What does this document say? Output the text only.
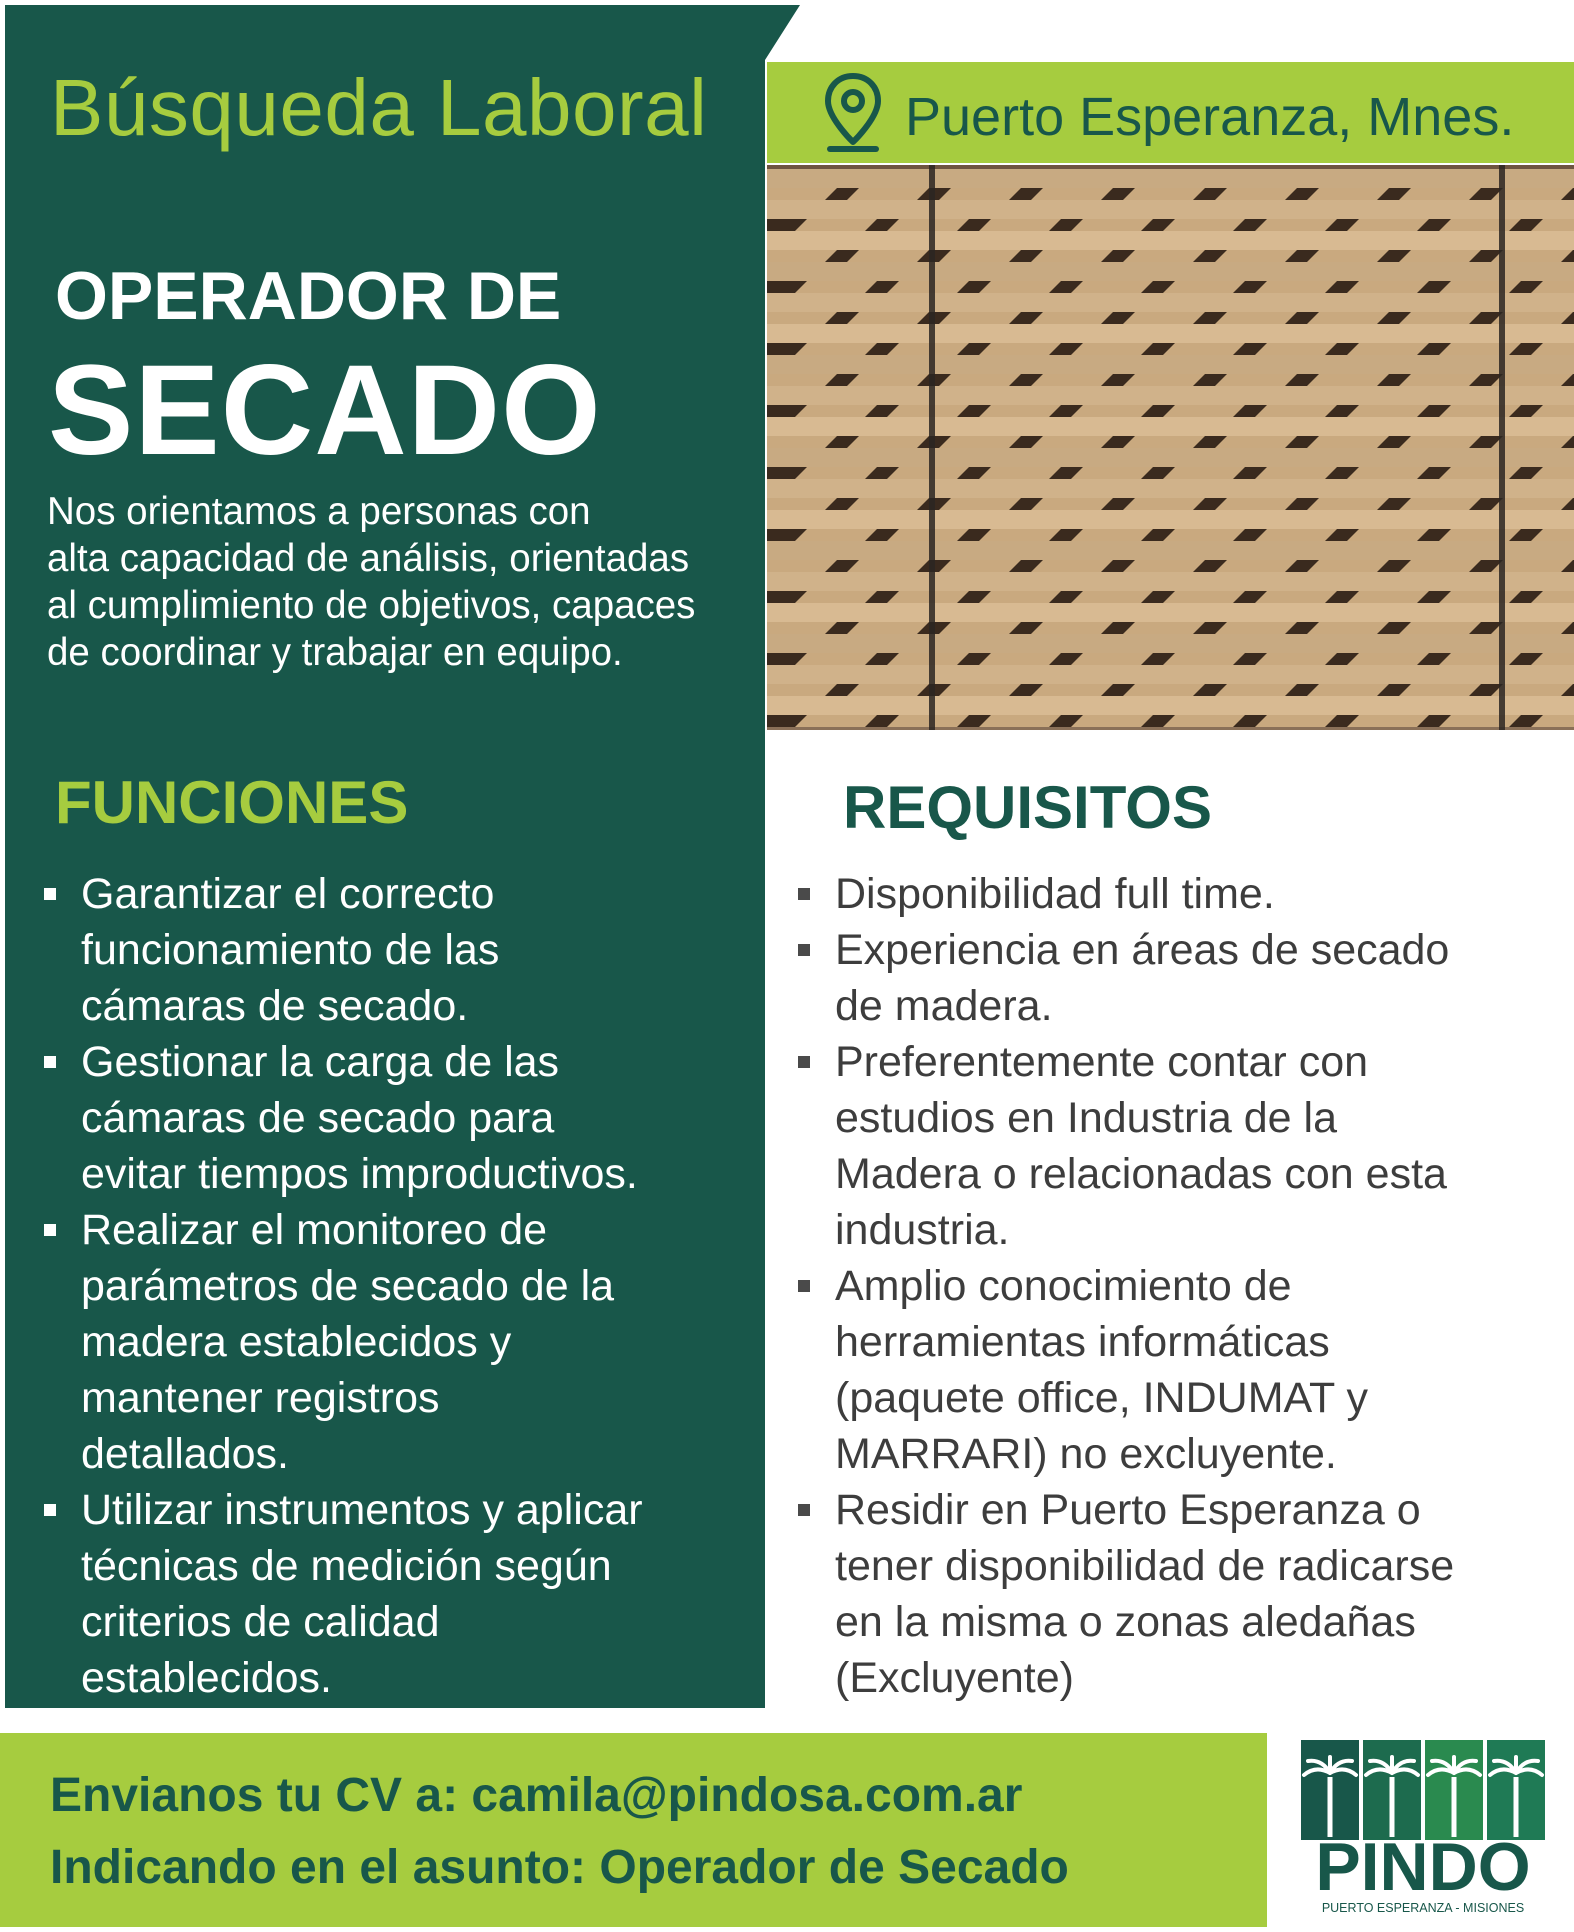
Búsqueda Laboral	Puerto Esperanza, Mnes.
OPERADOR DE
SECADO
Nos orientamos a personas con
alta capacidad de análisis, orientadas
al cumplimiento de objetivos, capaces
de coordinar y trabajar en equipo.
FUNCIONES	REQUISITOS
Garantizar el correcto
funcionamiento de las
cámaras de secado.
Gestionar la carga de las
cámaras de secado para
evitar tiempos improductivos.
Realizar el monitoreo de
parámetros de secado de la
madera establecidos y
mantener registros
detallados.
Utilizar instrumentos y aplicar
técnicas de medición según
criterios de calidad
establecidos.
Disponibilidad full time.
Experiencia en áreas de secado
de madera.
Preferentemente contar con
estudios en Industria de la
Madera o relacionadas con esta
industria.
Amplio conocimiento de
herramientas informáticas
(paquete office, INDUMAT y
MARRARI) no excluyente.
Residir en Puerto Esperanza o
tener disponibilidad de radicarse
en la misma o zonas aledañas
(Excluyente)
Envianos tu CV a: camila@pindosa.com.ar
Indicando en el asunto: Operador de Secado	PINDO
PUERTO ESPERANZA - MISIONES
